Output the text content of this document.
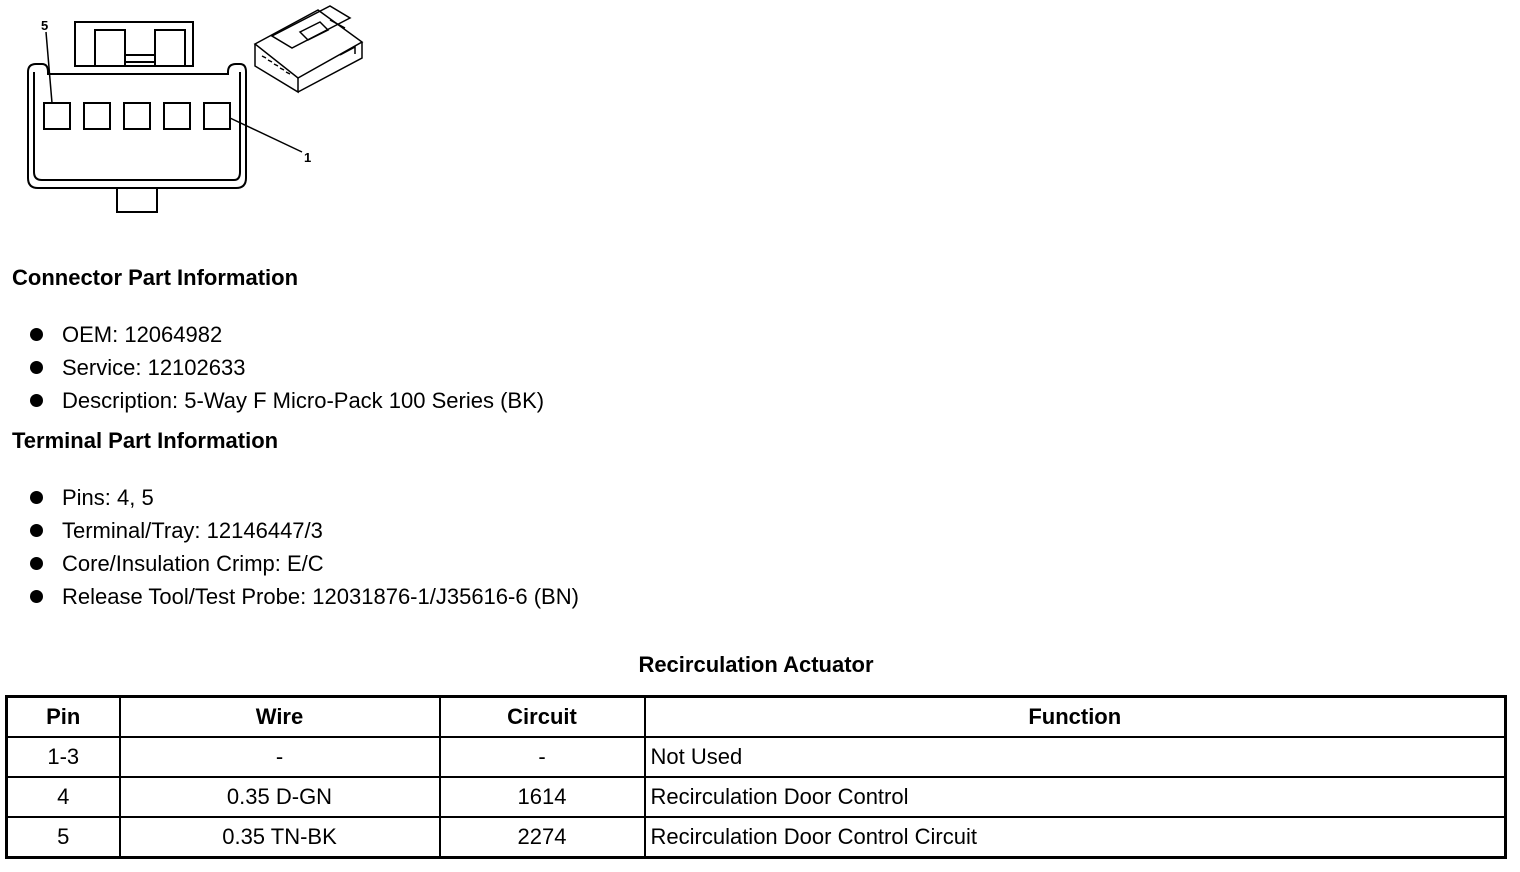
5
1
Connector Part Information
OEM: 12064982
Service: 12102633
Description: 5-Way F Micro-Pack 100 Series (BK)
Terminal Part Information
Pins: 4, 5
Terminal/Tray: 12146447/3
Core/Insulation Crimp: E/C
Release Tool/Test Probe: 12031876-1/J35616-6 (BN)
Recirculation Actuator
Pin	Wire	Circuit	Function
1-3	-	-	Not Used
4	0.35 D-GN	1614	Recirculation Door Control
5	0.35 TN-BK	2274	Recirculation Door Control Circuit
